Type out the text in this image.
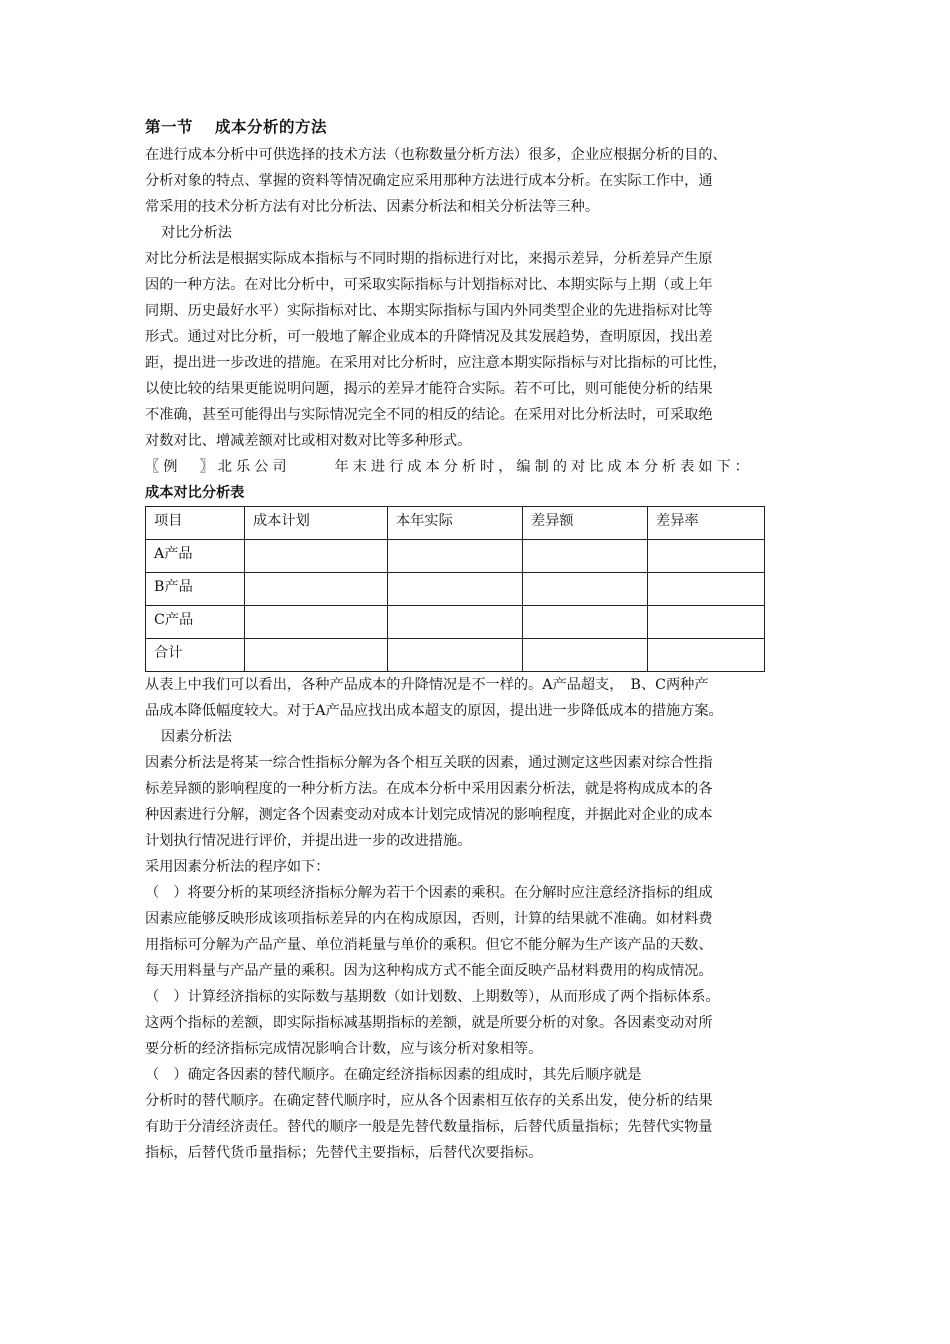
第一节 成本分析的方法

在进行成本分析中可供选择的技术方法（也称数量分析方法）很多，企业应根据分析的目的、

分析对象的特点、掌握的资料等情况确定应采用那种方法进行成本分析。在实际工作中，通

常采用的技术分析方法有对比分析法、因素分析法和相关分析法等三种。

对比分析法

对比分析法是根据实际成本指标与不同时期的指标进行对比，来揭示差异，分析差异产生原

因的一种方法。在对比分析中，可采取实际指标与计划指标对比、本期实际与上期（或上年

同期、历史最好水平）实际指标对比、本期实际指标与国内外同类型企业的先进指标对比等

形式。通过对比分析，可一般地了解企业成本的升降情况及其发展趋势，查明原因，找出差

距，提出进一步改进的措施。在采用对比分析时，应注意本期实际指标与对比指标的可比性，

以使比较的结果更能说明问题，揭示的差异才能符合实际。若不可比，则可能使分析的结果

不准确，甚至可能得出与实际情况完全不同的相反的结论。在采用对比分析法时，可采取绝

对数对比、增减差额对比或相对数对比等多种形式。

〖例　〗北乐公司	年末进行成本分析时，编制的对比成本分析表如下：
成本对比分析表
项目	成本计划	本年实际	差异额	差异率
A产品				
B产品				
C产品				
合计				

从表上中我们可以看出，各种产品成本的升降情况是不一样的。A产品超支，　B、C两种产

品成本降低幅度较大。对于A产品应找出成本超支的原因，提出进一步降低成本的措施方案。

因素分析法

因素分析法是将某一综合性指标分解为各个相互关联的因素，通过测定这些因素对综合性指

标差异额的影响程度的一种分析方法。在成本分析中采用因素分析法，就是将构成成本的各

种因素进行分解，测定各个因素变动对成本计划完成情况的影响程度，并据此对企业的成本

计划执行情况进行评价，并提出进一步的改进措施。

采用因素分析法的程序如下：

（　）将要分析的某项经济指标分解为若干个因素的乘积。在分解时应注意经济指标的组成

因素应能够反映形成该项指标差异的内在构成原因，否则，计算的结果就不准确。如材料费

用指标可分解为产品产量、单位消耗量与单价的乘积。但它不能分解为生产该产品的天数、

每天用料量与产品产量的乘积。因为这种构成方式不能全面反映产品材料费用的构成情况。

（　）计算经济指标的实际数与基期数（如计划数、上期数等），从而形成了两个指标体系。

这两个指标的差额，即实际指标减基期指标的差额，就是所要分析的对象。各因素变动对所

要分析的经济指标完成情况影响合计数，应与该分析对象相等。

（　）确定各因素的替代顺序。在确定经济指标因素的组成时，其先后顺序就是

分析时的替代顺序。在确定替代顺序时，应从各个因素相互依存的关系出发，使分析的结果

有助于分清经济责任。替代的顺序一般是先替代数量指标，后替代质量指标；先替代实物量

指标，后替代货币量指标；先替代主要指标，后替代次要指标。
